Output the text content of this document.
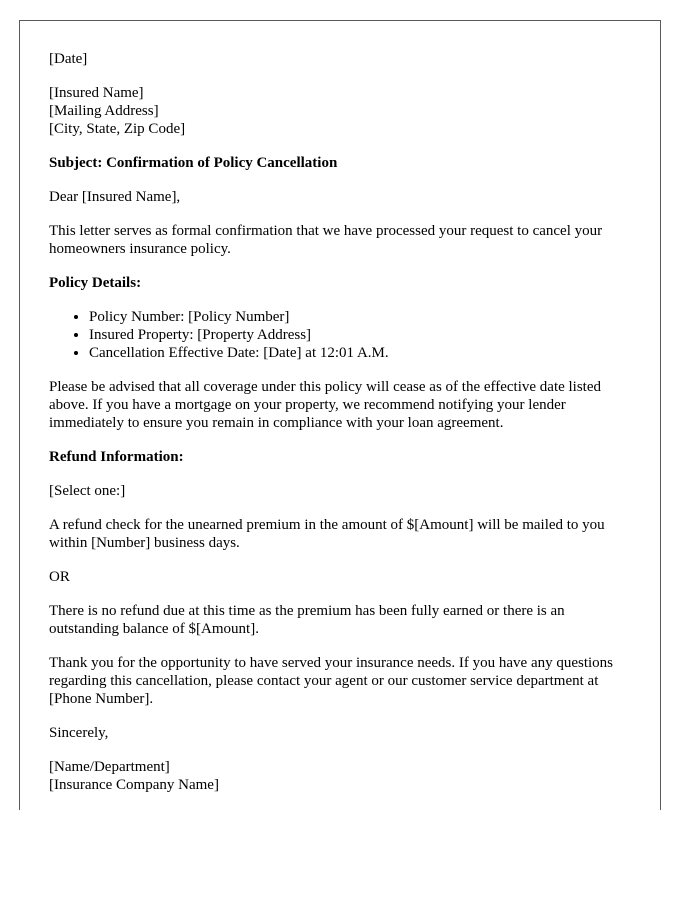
[Date]

[Insured Name]
[Mailing Address]
[City, State, Zip Code]

Subject: Confirmation of Policy Cancellation

Dear [Insured Name],

This letter serves as formal confirmation that we have processed your request to cancel your homeowners insurance policy.

Policy Details:

• Policy Number: [Policy Number]
• Insured Property: [Property Address]
• Cancellation Effective Date: [Date] at 12:01 A.M.

Please be advised that all coverage under this policy will cease as of the effective date listed above. If you have a mortgage on your property, we recommend notifying your lender immediately to ensure you remain in compliance with your loan agreement.

Refund Information:

[Select one:]

A refund check for the unearned premium in the amount of $[Amount] will be mailed to you within [Number] business days.

OR

There is no refund due at this time as the premium has been fully earned or there is an outstanding balance of $[Amount].

Thank you for the opportunity to have served your insurance needs. If you have any questions regarding this cancellation, please contact your agent or our customer service department at [Phone Number].

Sincerely,

[Name/Department]
[Insurance Company Name]
